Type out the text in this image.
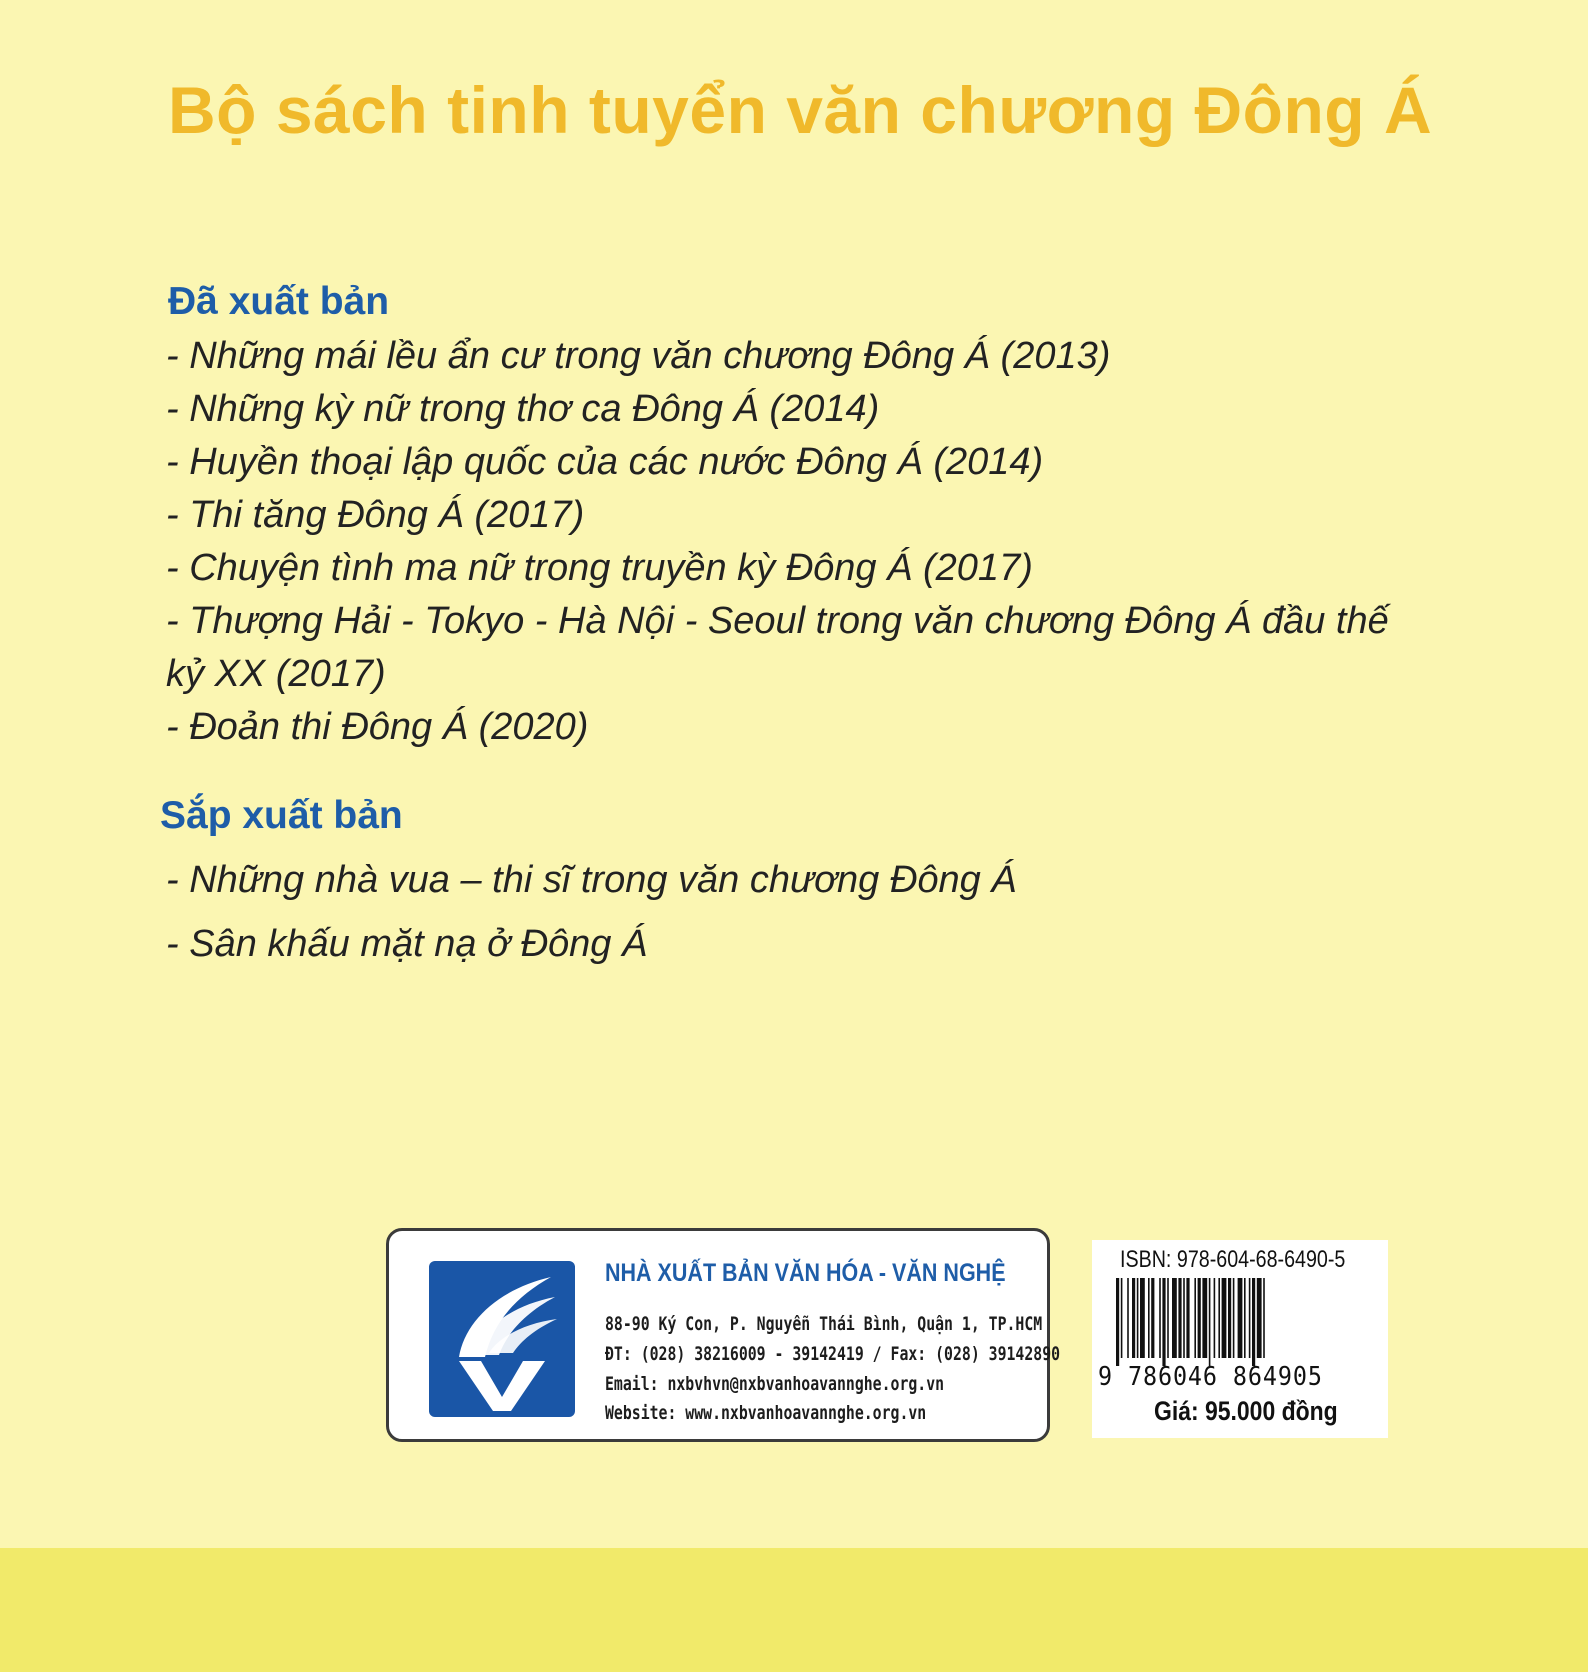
Bộ sách tinh tuyển văn chương Đông Á
Đã xuất bản
- Những mái lều ẩn cư trong văn chương Đông Á (2013)
- Những kỳ nữ trong thơ ca Đông Á (2014)
- Huyền thoại lập quốc của các nước Đông Á (2014)
- Thi tăng Đông Á (2017)
- Chuyện tình ma nữ trong truyền kỳ Đông Á (2017)
- Thượng Hải - Tokyo - Hà Nội - Seoul trong văn chương Đông Á đầu thế
kỷ XX (2017)
- Đoản thi Đông Á (2020)
Sắp xuất bản
- Những nhà vua – thi sĩ trong văn chương Đông Á
- Sân khấu mặt nạ ở Đông Á
NHÀ XUẤT BẢN VĂN HÓA - VĂN NGHỆ
88-90 Ký Con, P. Nguyễn Thái Bình, Quận 1, TP.HCM
ĐT: (028) 38216009 - 39142419 / Fax: (028) 39142890
Email: nxbvhvn@nxbvanhoavannghe.org.vn
Website: www.nxbvanhoavannghe.org.vn
ISBN: 978-604-68-6490-5
9 786046 864905
Giá: 95.000 đồng
